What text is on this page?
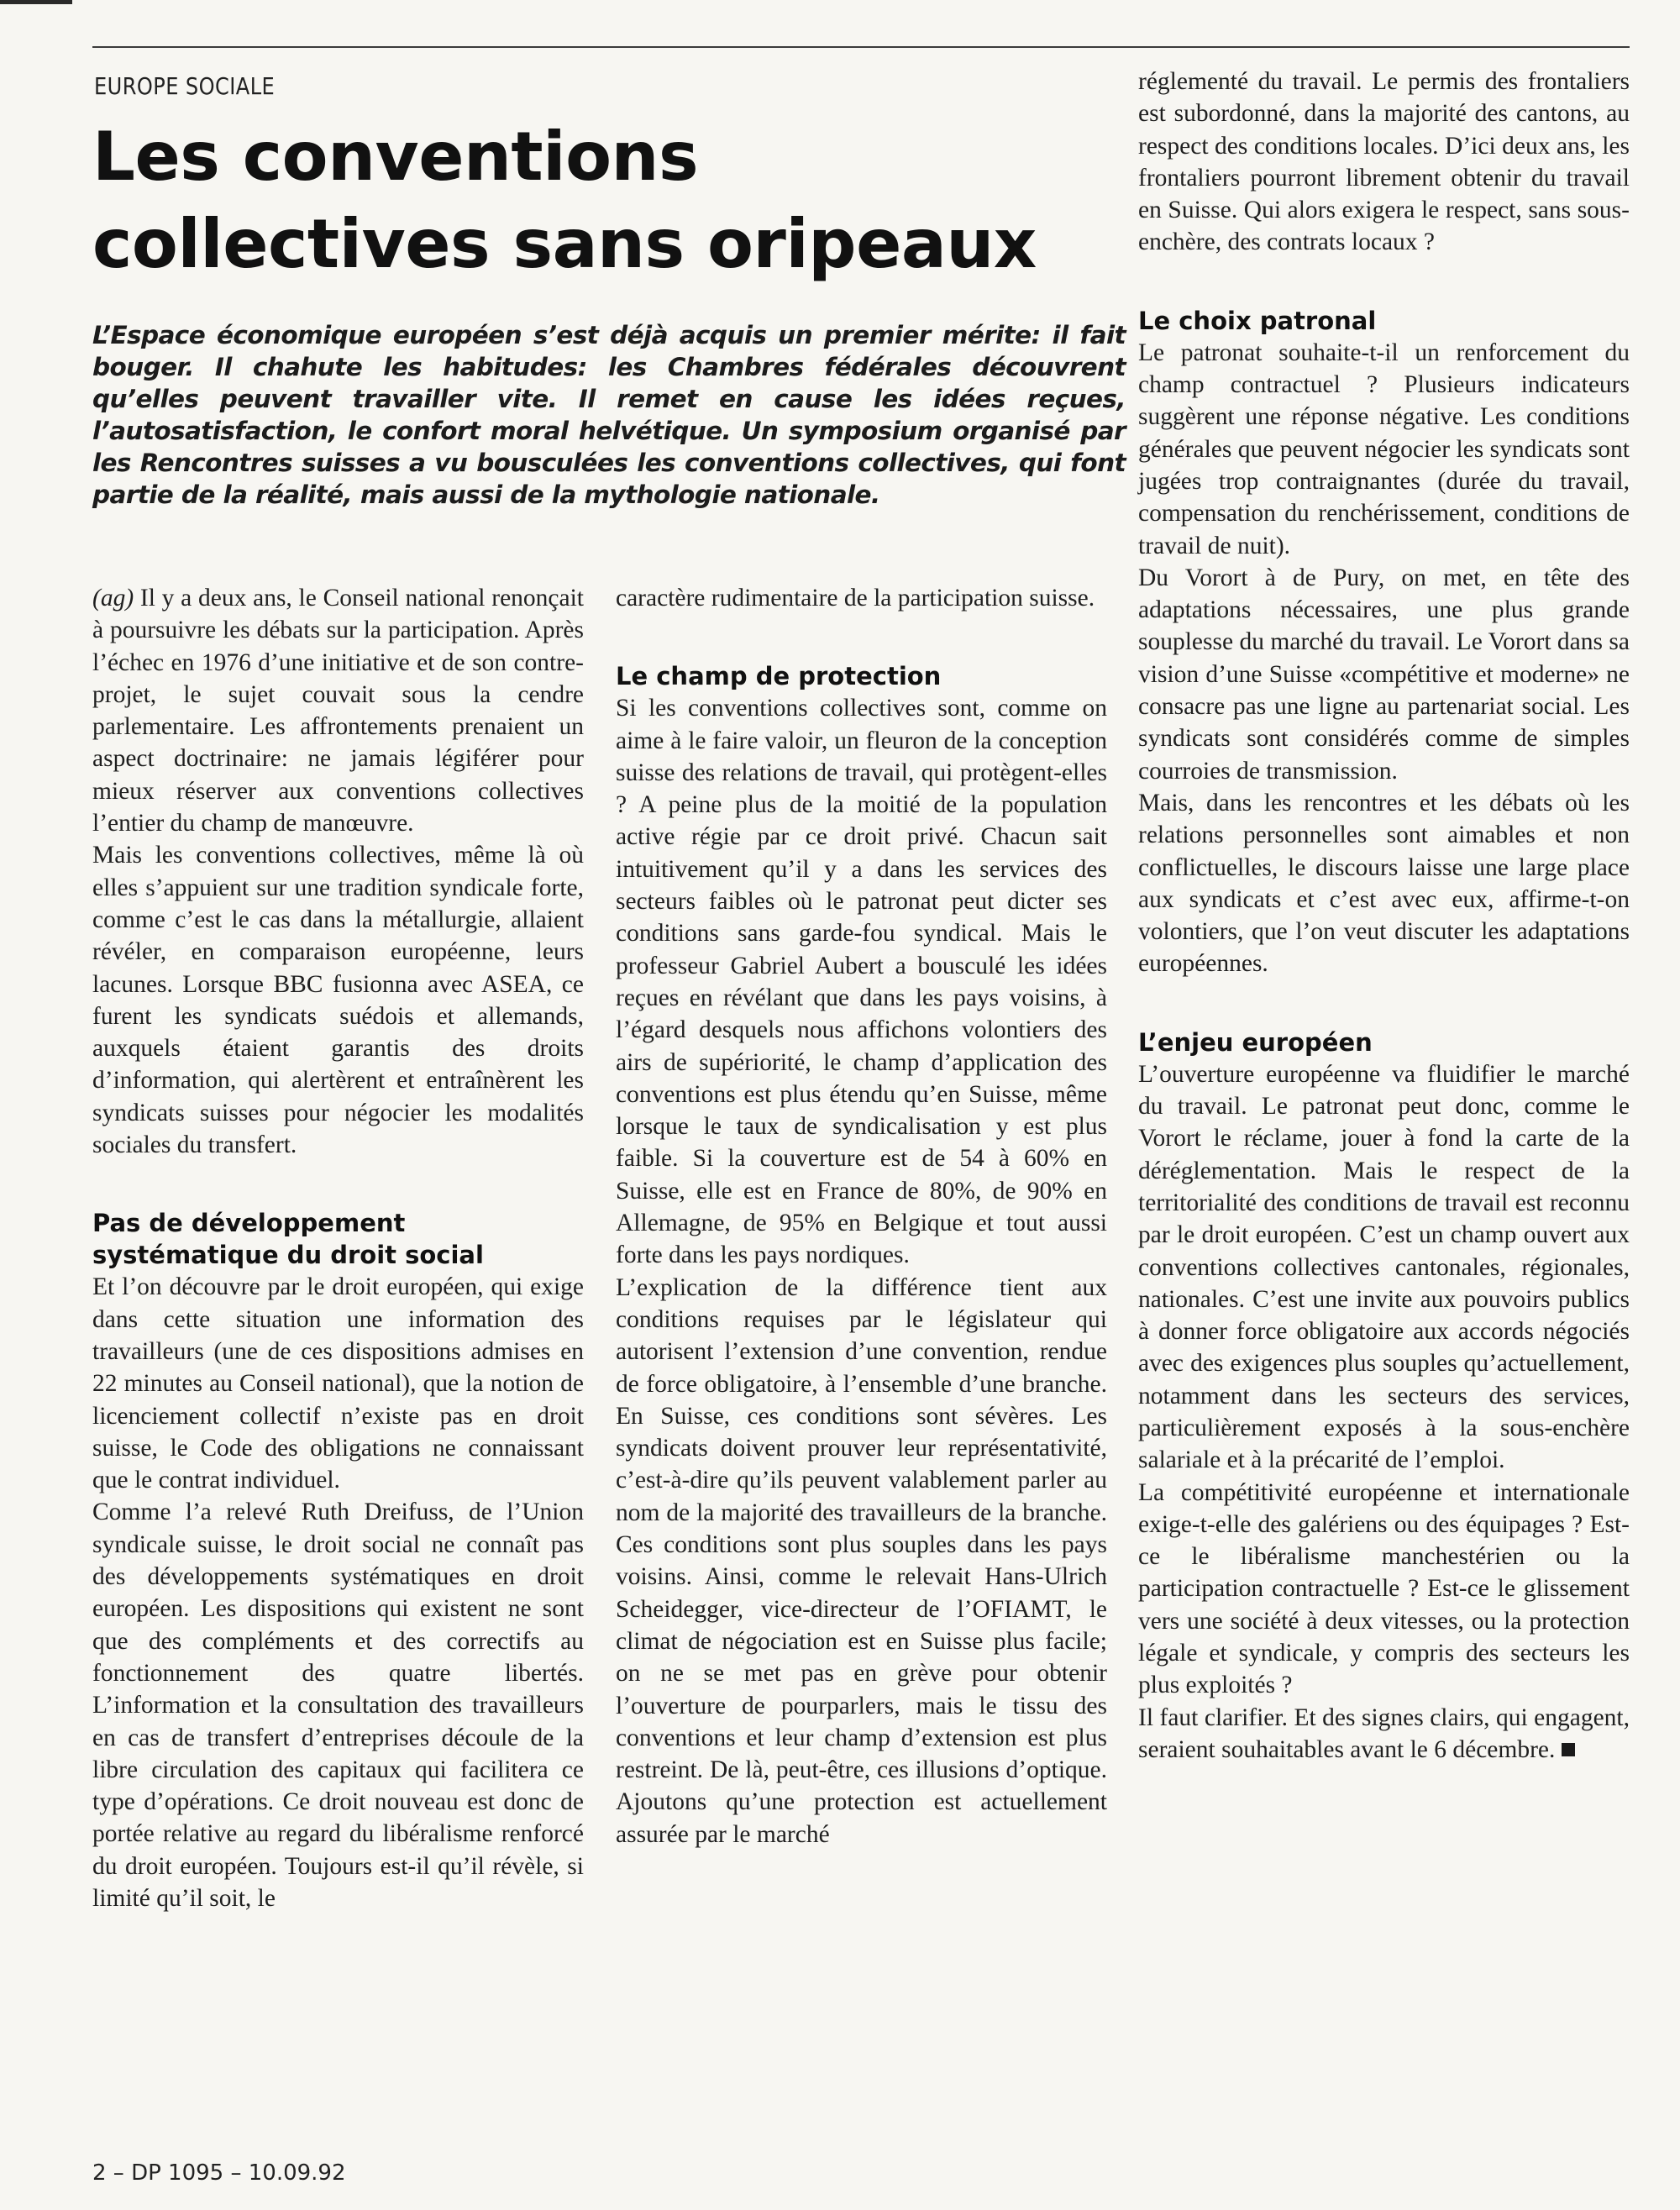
EUROPE SOCIALE
Les conventions collectives sans oripeaux

L’Espace économique européen s’est déjà acquis un premier mérite: il fait bouger. Il chahute les habitudes: les Chambres fédérales découvrent qu’elles peuvent travailler vite. Il remet en cause les idées reçues, l’autosatisfaction, le confort moral helvétique. Un symposium organisé par les Rencontres suisses a vu bousculées les conventions collectives, qui font partie de la réalité, mais aussi de la mythologie nationale.

(ag) Il y a deux ans, le Conseil national renonçait à poursuivre les débats sur la participation. Après l’échec en 1976 d’une initiative et de son contre-projet, le sujet couvait sous la cendre parlementaire. Les affrontements prenaient un aspect doctrinaire: ne jamais légiférer pour mieux réserver aux conventions collectives l’entier du champ de manœuvre.

Mais les conventions collectives, même là où elles s’appuient sur une tradition syndicale forte, comme c’est le cas dans la métallurgie, allaient révéler, en comparaison européenne, leurs lacunes. Lorsque BBC fusionna avec ASEA, ce furent les syndicats suédois et allemands, auxquels étaient garantis des droits d’information, qui alertèrent et entraînèrent les syndicats suisses pour négocier les modalités sociales du transfert.

Pas de développement systématique du droit social

Et l’on découvre par le droit européen, qui exige dans cette situation une information des travailleurs (une de ces dispositions admises en 22 minutes au Conseil national), que la notion de licenciement collectif n’existe pas en droit suisse, le Code des obligations ne connaissant que le contrat individuel.

Comme l’a relevé Ruth Dreifuss, de l’Union syndicale suisse, le droit social ne connaît pas des développements systématiques en droit européen. Les dispositions qui existent ne sont que des compléments et des correctifs au fonctionnement des quatre libertés. L’information et la consultation des travailleurs en cas de transfert d’entreprises découle de la libre circulation des capitaux qui facilitera ce type d’opérations. Ce droit nouveau est donc de portée relative au regard du libéralisme renforcé du droit européen. Toujours est-il qu’il révèle, si limité qu’il soit, le

caractère rudimentaire de la participation suisse.

Le champ de protection

Si les conventions collectives sont, comme on aime à le faire valoir, un fleuron de la conception suisse des relations de travail, qui protègent-elles ? A peine plus de la moitié de la population active régie par ce droit privé. Chacun sait intuitivement qu’il y a dans les services des secteurs faibles où le patronat peut dicter ses conditions sans garde-fou syndical. Mais le professeur Gabriel Aubert a bousculé les idées reçues en révélant que dans les pays voisins, à l’égard desquels nous affichons volontiers des airs de supériorité, le champ d’application des conventions est plus étendu qu’en Suisse, même lorsque le taux de syndicalisation y est plus faible. Si la couverture est de 54 à 60% en Suisse, elle est en France de 80%, de 90% en Allemagne, de 95% en Belgique et tout aussi forte dans les pays nordiques.

L’explication de la différence tient aux conditions requises par le législateur qui autorisent l’extension d’une convention, rendue de force obligatoire, à l’ensemble d’une branche. En Suisse, ces conditions sont sévères. Les syndicats doivent prouver leur représentativité, c’est-à-dire qu’ils peuvent valablement parler au nom de la majorité des travailleurs de la branche. Ces conditions sont plus souples dans les pays voisins. Ainsi, comme le relevait Hans-Ulrich Scheidegger, vice-directeur de l’OFIAMT, le climat de négociation est en Suisse plus facile; on ne se met pas en grève pour obtenir l’ouverture de pourparlers, mais le tissu des conventions et leur champ d’extension est plus restreint. De là, peut-être, ces illusions d’optique. Ajoutons qu’une protection est actuellement assurée par le marché

réglementé du travail. Le permis des frontaliers est subordonné, dans la majorité des cantons, au respect des conditions locales. D’ici deux ans, les frontaliers pourront librement obtenir du travail en Suisse. Qui alors exigera le respect, sans sous-enchère, des contrats locaux ?

Le choix patronal

Le patronat souhaite-t-il un renforcement du champ contractuel ? Plusieurs indicateurs suggèrent une réponse négative. Les conditions générales que peuvent négocier les syndicats sont jugées trop contraignantes (durée du travail, compensation du renchérissement, conditions de travail de nuit).

Du Vorort à de Pury, on met, en tête des adaptations nécessaires, une plus grande souplesse du marché du travail. Le Vorort dans sa vision d’une Suisse «compétitive et moderne» ne consacre pas une ligne au partenariat social. Les syndicats sont considérés comme de simples courroies de transmission.

Mais, dans les rencontres et les débats où les relations personnelles sont aimables et non conflictuelles, le discours laisse une large place aux syndicats et c’est avec eux, affirme-t-on volontiers, que l’on veut discuter les adaptations européennes.

L’enjeu européen

L’ouverture européenne va fluidifier le marché du travail. Le patronat peut donc, comme le Vorort le réclame, jouer à fond la carte de la déréglementation. Mais le respect de la territorialité des conditions de travail est reconnu par le droit européen. C’est un champ ouvert aux conventions collectives cantonales, régionales, nationales. C’est une invite aux pouvoirs publics à donner force obligatoire aux accords négociés avec des exigences plus souples qu’actuellement, notamment dans les secteurs des services, particulièrement exposés à la sous-enchère salariale et à la précarité de l’emploi.

La compétitivité européenne et internationale exige-t-elle des galériens ou des équipages ? Est-ce le libéralisme manchestérien ou la participation contractuelle ? Est-ce le glissement vers une société à deux vitesses, ou la protection légale et syndicale, y compris des secteurs les plus exploités ?

Il faut clarifier. Et des signes clairs, qui engagent, seraient souhaitables avant le 6 décembre.

2 – DP 1095 – 10.09.92
